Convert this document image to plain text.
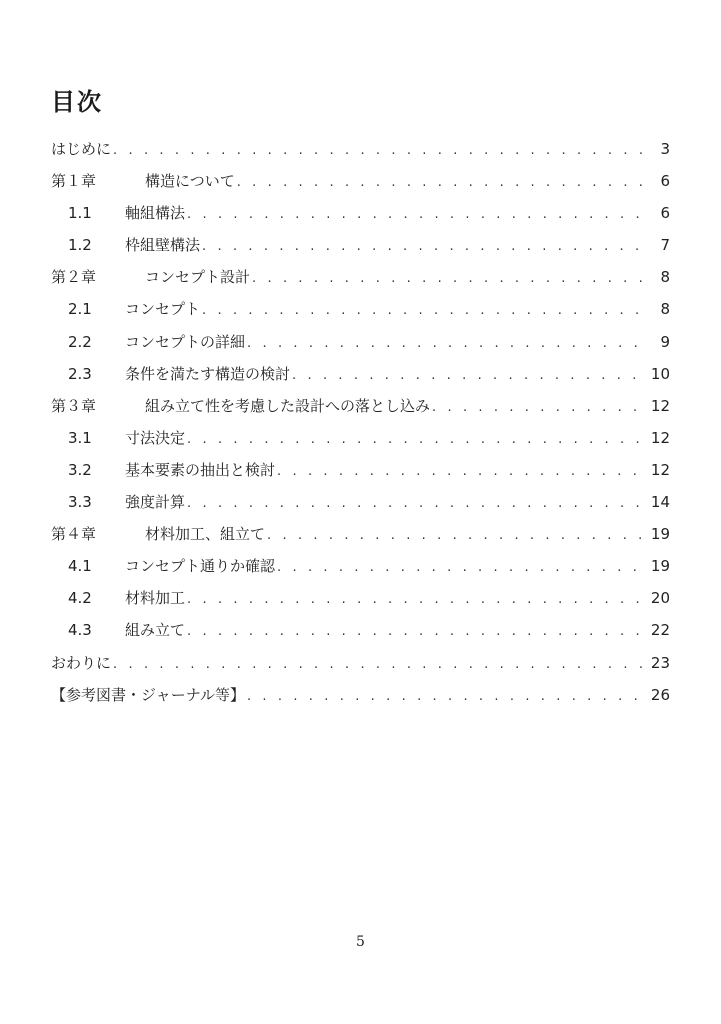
目次
はじめに . . .	3
第１章	構造について . . .	6
1.1	軸組構法 . . .	6
1.2	枠組壁構法 . . .	7
第２章	コンセプト設計 . . .	8
2.1	コンセプト . . .	8
2.2	コンセプトの詳細 . . .	9
2.3	条件を満たす構造の検討 . . .	10
第３章	組み立て性を考慮した設計への落とし込み . . .	12
3.1	寸法決定 . . .	12
3.2	基本要素の抽出と検討 . . .	12
3.3	強度計算 . . .	14
第４章	材料加工、組立て . . .	19
4.1	コンセプト通りか確認 . . .	19
4.2	材料加工 . . .	20
4.3	組み立て . . .	22
おわりに . . .	23
【参考図書・ジャーナル等】 . . .	26
5
